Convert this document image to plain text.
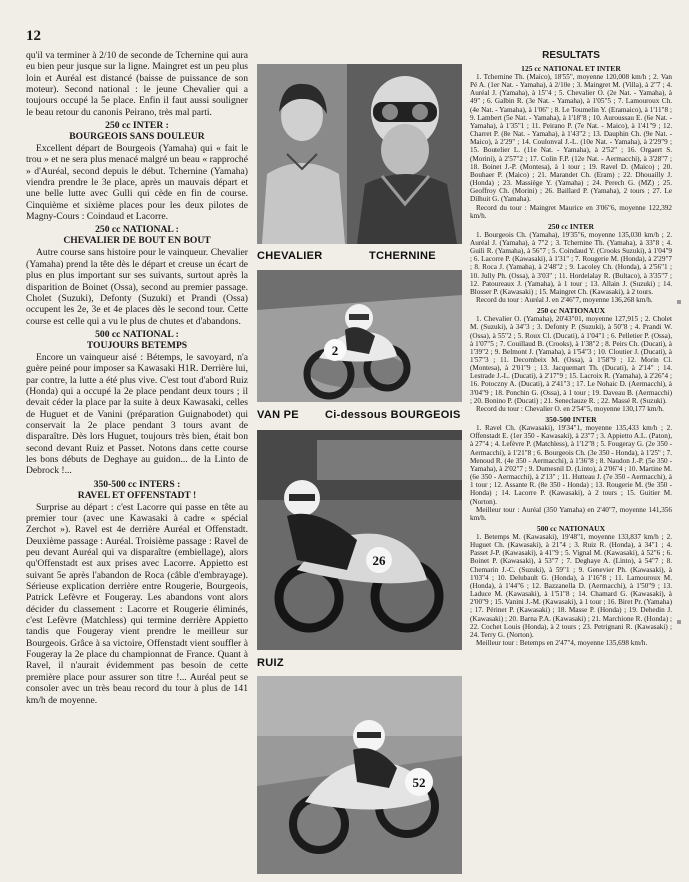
12

qu'il va terminer à 2/10 de seconde de Tchernine qui aura eu bien peur jusque sur la ligne. Maingret est un peu plus loin et Auréal est distancé (baisse de puissance de son moteur). Second national : le jeune Chevalier qui a toujours occupé la 5e place. Enfin il faut aussi souligner le beau retour du canonis Peirano, très mal parti.

250 cc INTER :
BOURGEOIS SANS DOULEUR

Excellent départ de Bourgeois (Yamaha) qui « fait le trou » et ne sera plus menacé malgré un beau « rapproché » d'Auréal, second depuis le début. Tchernine (Yamaha) viendra prendre le 3e place, après un mauvais départ et une belle lutte avec Gulli qui cède en fin de course. Cinquième et sixième places pour les deux pilotes de Magny-Cours : Coindaud et Lacorre.

250 cc NATIONAL :
CHEVALIER DE BOUT EN BOUT

Autre course sans histoire pour le vainqueur. Chevalier (Yamaha) prend la tête dès le départ et creuse un écart de plus en plus important sur ses suivants, surtout après la disparition de Boinet (Ossa), second au premier passage. Cholet (Suzuki), Defonty (Suzuki) et Prandi (Ossa) occupent les 2e, 3e et 4e places dès le second tour. Cette course est celle qui a vu le plus de chutes et d'abandons.

500 cc NATIONAL :
TOUJOURS BETEMPS

Encore un vainqueur aisé : Bétemps, le savoyard, n'a guère peiné pour imposer sa Kawasaki H1R. Derrière lui, par contre, la lutte a été plus vive. C'est tout d'abord Ruiz (Honda) qui a occupé la 2e place pendant deux tours ; il devait céder la place par la suite à deux Kawasaki, celles de Huguet et de Vanini (préparation Guignabodet) qui conservait la 2e place pendant 3 tours avant de disparaître. Dès lors Huguet, toujours très bien, était bon second devant Ruiz et Passet. Notons dans cette course les bons débuts de Deghaye au guidon... de la Linto de Debrock !...

350-500 cc INTERS :
RAVEL ET OFFENSTADT !

Surprise au départ : c'est Lacorre qui passe en tête au premier tour (avec une Kawasaki à cadre « spécial Zerchot »). Ravel est 4e derrière Auréal et Offenstadt. Deuxième passage : Auréal. Troisième passage : Ravel de peu devant Auréal qui va disparaître (embiellage), alors qu'Offenstadt est aux prises avec Lacorre. Appietto est suivant 5e après l'abandon de Roca (câble d'embrayage). Sérieuse explication derrière entre Rougerie, Bourgeois, Patrick Lefèvre et Fougeray. Les abandons vont alors décider du classement : Lacorre et Rougerie éliminés, c'est Lefèvre (Matchless) qui termine derrière Appietto tandis que Fougeray vient prendre le meilleur sur Bourgeois. Grâce à sa victoire, Offenstadt vient souffler à Fougeray la 2e place du championnat de France. Quant à Ravel, il n'aurait évidemment pas besoin de cette première place pour assurer son titre !... Auréal peut se consoler avec un très beau record du tour à plus de 141 km/h de moyenne.

CHEVALIER	TCHERNINE
2
VAN PE Ci-dessous BOURGEOIS
26
RUIZ
52
RESULTATS
125 cc NATIONAL ET INTER

1. Tchernine Th. (Maico), 18'55", moyenne 120,008 km/h ; 2. Van Pé A. (1er Nat. - Yamaha), à 2/10e ; 3. Maingret M. (Villa), à 2"7 ; 4. Auréal J. (Yamaha), à 15"4 ; 5. Chevalier O. (2e Nat. - Yamaha), à 49" ; 6. Galbin R. (3e Nat. - Yamaha), à 1'05"5 ; 7. Lamouroux Ch. (4e Nat. - Yamaha), à 1'06" ; 8. Le Toumelin Y. (Eramaico), à 1'11"8 ; 9. Lambert (5e Nat. - Yamaha), à 1'18"8 ; 10. Auroussau E. (6e Nat. - Yamaha), à 1'35"1 ; 11. Peirano P. (7e Nat. - Maico), à 1'41"9 ; 12. Charret P. (8e Nat. - Yamaha), à 1'43"2 ; 13. Dauphin Ch. (9e Nat. - Maico), à 2'29" ; 14. Coulonval J.-L. (10e Nat. - Yamaha), à 2'29"9 ; 15. Boutelier L. (11e Nat. - Yamaha), à 2'52" ; 16. Orgaert S. (Morini), à 2'57"2 ; 17. Colin F.P. (12e Nat. - Aermacchi), à 3'28"7 ; 18. Boinet J.-P. (Montesa), à 1 tour ; 19. Ravel D. (Maico) ; 20. Bouhaer P. (Maico) ; 21. Marandet Ch. (Eram) ; 22. Dhouailly J. (Honda) ; 23. Massiège Y. (Yamaha) ; 24. Perech G. (MZ) ; 25. Geoffroy Ch. (Morini) ; 26. Baillard P. (Yamaha), 2 tours ; 27. Le Dilhuit G. (Yamaha).

Record du tour : Maingret Maurice en 3'06"6, moyenne 122,392 km/h.

250 cc INTER

1. Bourgeois Ch. (Yamaha), 19'35"6, moyenne 135,030 km/h ; 2. Auréal J. (Yamaha), à 7"2 ; 3. Tchernine Th. (Yamaha), à 33"8 ; 4. Guili R. (Yamaha), à 56"7 ; 5. Coindaud Y. (Crooks Suzuki), à 1'04"9 ; 6. Lacorre P. (Kawasaki), à 1'31" ; 7. Rougerie M. (Honda), à 2'29"7 ; 8. Roca J. (Yamaha), à 2'48"2 ; 9. Lacoley Ch. (Honda), à 2'56"1 ; 10. Jully Ph. (Ossa), à 3'03" ; 11. Hordelalay R. (Bultaco), à 3'35"7 ; 12. Patoureaux J. (Yamaha), à 1 tour ; 13. Allain J. (Suzuki) ; 14. Blosser P. (Kawasaki) ; 15. Maingret Ch. (Kawasaki), à 2 tours.

Record du tour : Auréal J. en 2'46"7, moyenne 136,268 km/h.

250 cc NATIONAUX

1. Chevalier O. (Yamaha), 20'43"01, moyenne 127,915 ; 2. Cholet M. (Suzuki), à 34"3 ; 3. Defonty P. (Suzuki), à 50"8 ; 4. Prandi W. (Ossa), à 55"2 ; 5. Roux Cl. (Ducati), à 1'04"1 ; 6. Pelletier P. (Ossa), à 1'07"5 ; 7. Couillaud B. (Crooks), à 1'38"2 ; 8. Peirs Ch. (Ducati), à 1'39"2 ; 9. Belmont J. (Yamaha), à 1'54"3 ; 10. Cloutier J. (Ducati), à 1'57"3 ; 11. Decombeix M. (Ossa), à 1'58"9 ; 12. Morin Cl. (Montesa), à 2'01"9 ; 13. Jacquemart Th. (Ducati), à 2'14" ; 14. Lestrade J.-L. (Ducati), à 2'17"9 ; 15. Lacroix R. (Yamaha), à 2'26"4 ; 16. Potoczny A. (Ducati), à 2'41"3 ; 17. Le Nohaic D. (Aermacchi), à 3'04"9 ; 18. Ponchin G. (Ossa), à 1 tour ; 19. Daveau B. (Aermacchi) ; 20. Bonino P. (Ducati) ; 21. Seneclauze R. ; 22. Massé R. (Suzuki).

Record du tour : Chevalier O. en 2'54"5, moyenne 130,177 km/h.

350-500 INTER

1. Ravel Ch. (Kawasaki), 19'34"1, moyenne 135,433 km/h ; 2. Offenstadt E. (1er 350 - Kawasaki), à 23"7 ; 3. Appietto A.L. (Paton), à 27"4 ; 4. Lefèvre P. (Matchless), à 1'12"8 ; 5. Fougeray G. (2e 350 - Aermacchi), à 1'21"8 ; 6. Bourgeois Ch. (3e 350 - Honda), à 1'25" ; 7. Menoud R. (4e 350 - Aermacchi), à 1'36"8 ; 8. Naudon J.-P. (5e 350 - Yamaha), à 2'02"7 ; 9. Dumesnil D. (Linto), à 2'06"4 ; 10. Martine M. (6e 350 - Aermacchi), à 2'13" ; 11. Hutteau J. (7e 350 - Aermacchi), à 1 tour ; 12. Assante R. (8e 350 - Honda) ; 13. Rougerie M. (9e 350 - Honda) ; 14. Lacorre P. (Kawasaki), à 2 tours ; 15. Guitier M. (Norton).

Meilleur tour : Auréal (350 Yamaha) en 2'40"7, moyenne 141,356 km/h.

500 cc NATIONAUX

1. Betemps M. (Kawasaki), 19'48"1, moyenne 133,837 km/h ; 2. Huguet Ch. (Kawasaki), à 21"4 ; 3. Ruiz R. (Honda), à 34"1 ; 4. Passet J-P. (Kawasaki), à 41"9 ; 5. Vignal M. (Kawasaki), à 52"6 ; 6. Boinet P. (Kawasaki), à 53"7 ; 7. Deghaye A. (Linto), à 54"7 ; 8. Chemarin J.-C. (Suzuki), à 59"1 ; 9. Genevier Ph. (Kawasaki), à 1'03"4 ; 10. Delubault G. (Honda), à 1'16"8 ; 11. Lamouroux M. (Honda), à 1'44"6 ; 12. Bazzanella D. (Aermacchi), à 1'50"9 ; 13. Laduce M. (Kawasaki), à 1'51"8 ; 14. Chamard G. (Kawasaki), à 2'00"9 ; 15. Vanini J.-M. (Kawasaki), à 1 tour ; 16. Biret Pr. (Yamaha) ; 17. Périnet P. (Kawasaki) ; 18. Masse P. (Honda) ; 19. Dehedin J. (Kawasaki) ; 20. Barna P.A. (Kawasaki) ; 21. Marchione R. (Honda) ; 22. Cochet Louis (Honda), à 2 tours ; 23. Petrignani R. (Kawasaki) ; 24. Terry G. (Norton).

Meilleur tour : Betemps en 2'47"4, moyenne 135,698 km/h.
